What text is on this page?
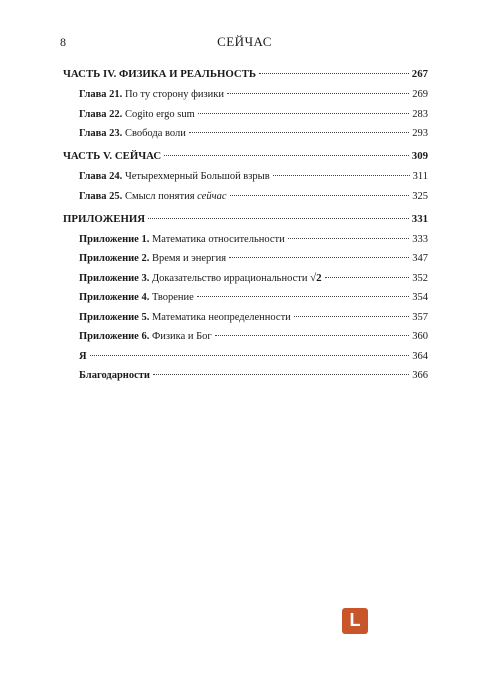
8	СЕЙЧАС
ЧАСТЬ IV. ФИЗИКА И РЕАЛЬНОСТЬ	267
Глава 21. По ту сторону физики	269
Глава 22. Cogito ergo sum	283
Глава 23. Свобода воли	293
ЧАСТЬ V. СЕЙЧАС	309
Глава 24. Четырехмерный Большой взрыв	311
Глава 25. Смысл понятия сейчас	325
ПРИЛОЖЕНИЯ	331
Приложение 1. Математика относительности	333
Приложение 2. Время и энергия	347
Приложение 3. Доказательство иррациональности √2	352
Приложение 4. Творение	354
Приложение 5. Математика неопределенности	357
Приложение 6. Физика и Бог	360
Я	364
Благодарности	366
L
